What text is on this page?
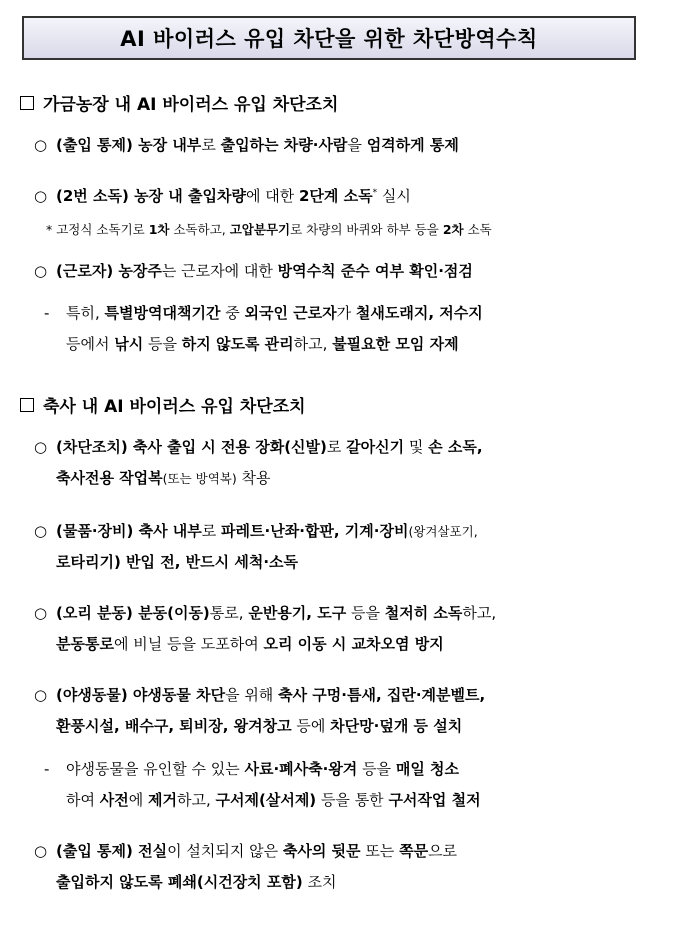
AI 바이러스 유입 차단을 위한 차단방역수칙
가금농장 내 AI 바이러스 유입 차단조치
○ (출입 통제) 농장 내부로 출입하는 차량·사람을 엄격하게 통제
○ (2번 소독) 농장 내 출입차량에 대한 2단계 소독* 실시
* 고정식 소독기로 1차 소독하고, 고압분무기로 차량의 바퀴와 하부 등을 2차 소독
○ (근로자) 농장주는 근로자에 대한 방역수칙 준수 여부 확인·점검
- 특히, 특별방역대책기간 중 외국인 근로자가 철새도래지, 저수지
등에서 낚시 등을 하지 않도록 관리하고, 불필요한 모임 자제
축사 내 AI 바이러스 유입 차단조치
○ (차단조치) 축사 출입 시 전용 장화(신발)로 갈아신기 및 손 소독,
축사전용 작업복(또는 방역복) 착용
○ (물품·장비) 축사 내부로 파레트·난좌·합판, 기계·장비(왕겨살포기,
로타리기) 반입 전, 반드시 세척·소독
○ (오리 분동) 분동(이동)통로, 운반용기, 도구 등을 철저히 소독하고,
분동통로에 비닐 등을 도포하여 오리 이동 시 교차오염 방지
○ (야생동물) 야생동물 차단을 위해 축사 구멍·틈새, 집란·계분벨트,
환풍시설, 배수구, 퇴비장, 왕겨창고 등에 차단망·덮개 등 설치
- 야생동물을 유인할 수 있는 사료·폐사축·왕겨 등을 매일 청소
하여 사전에 제거하고, 구서제(살서제) 등을 통한 구서작업 철저
○ (출입 통제) 전실이 설치되지 않은 축사의 뒷문 또는 쪽문으로
출입하지 않도록 폐쇄(시건장치 포함) 조치
